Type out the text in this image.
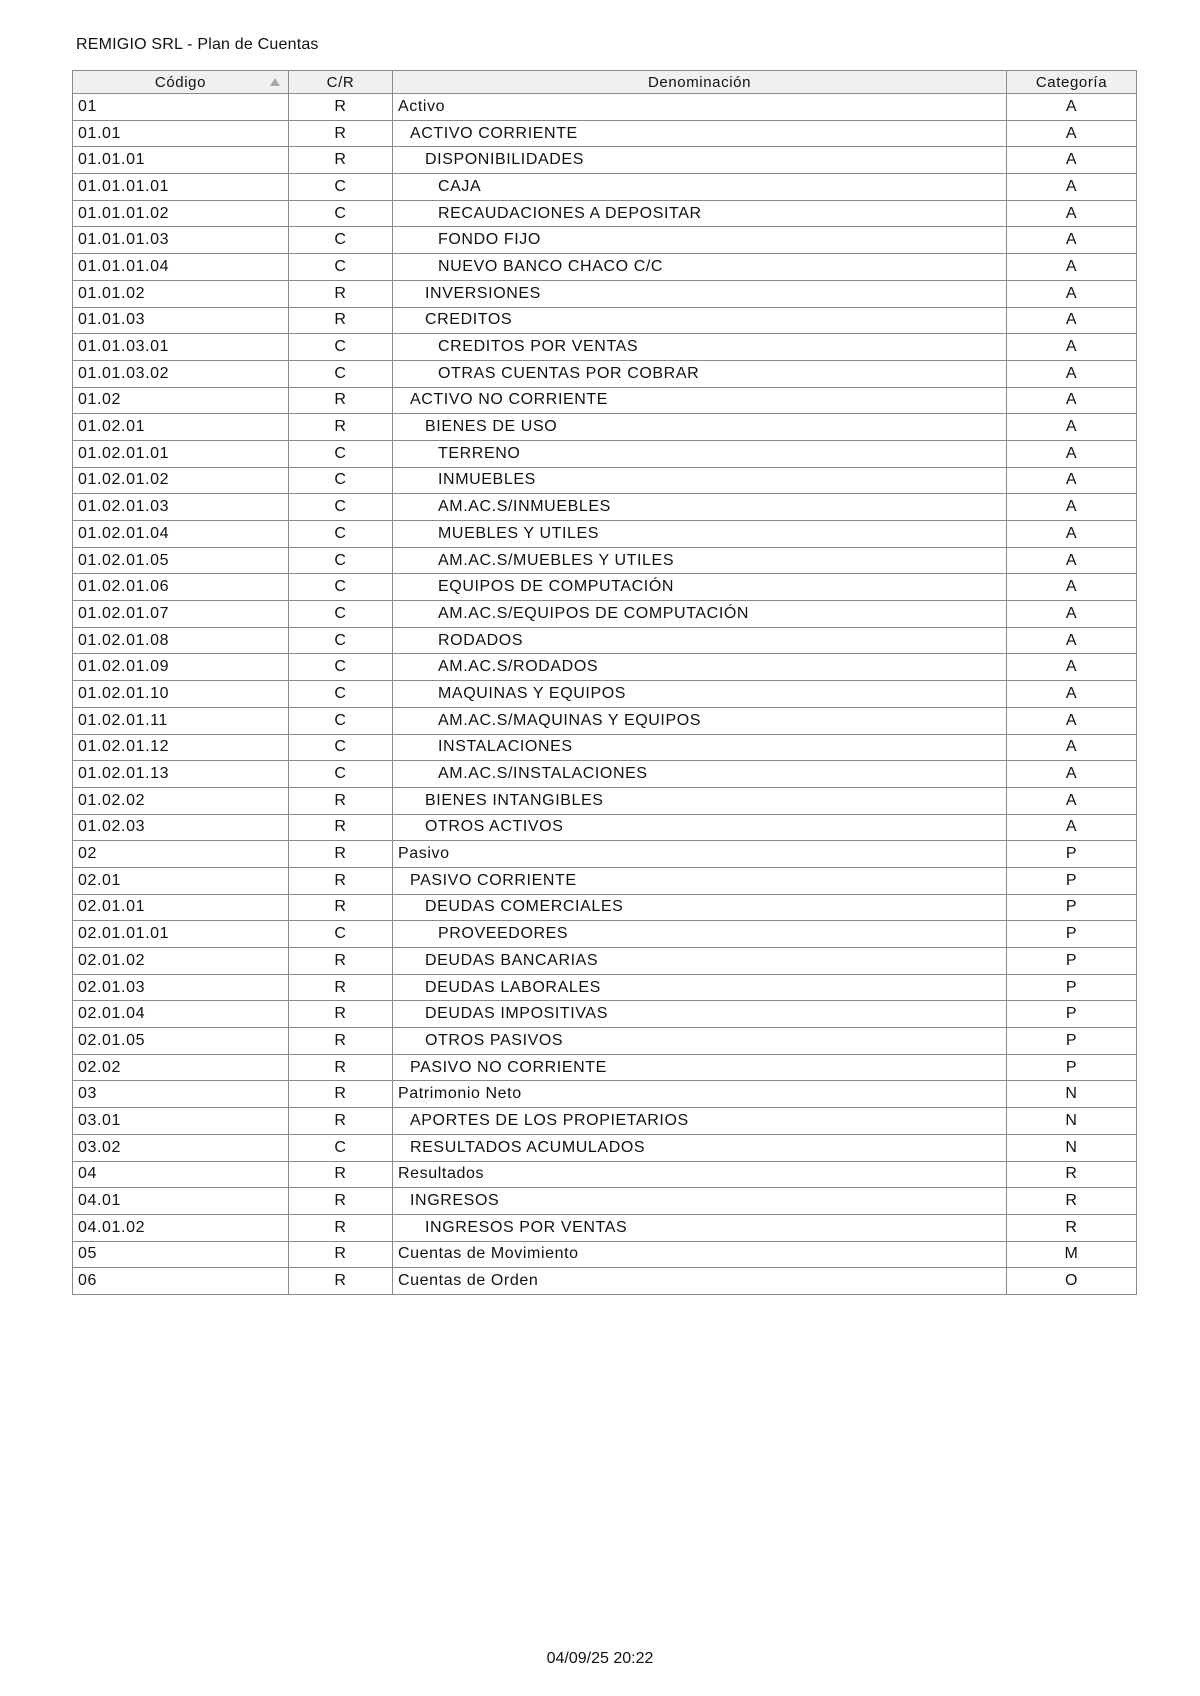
REMIGIO SRL - Plan de Cuentas
Código	C/R	Denominación	Categoría
01	R	Activo	A
01.01	R	ACTIVO CORRIENTE	A
01.01.01	R	DISPONIBILIDADES	A
01.01.01.01	C	CAJA	A
01.01.01.02	C	RECAUDACIONES A DEPOSITAR	A
01.01.01.03	C	FONDO FIJO	A
01.01.01.04	C	NUEVO BANCO CHACO C/C	A
01.01.02	R	INVERSIONES	A
01.01.03	R	CREDITOS	A
01.01.03.01	C	CREDITOS POR VENTAS	A
01.01.03.02	C	OTRAS CUENTAS POR COBRAR	A
01.02	R	ACTIVO NO CORRIENTE	A
01.02.01	R	BIENES DE USO	A
01.02.01.01	C	TERRENO	A
01.02.01.02	C	INMUEBLES	A
01.02.01.03	C	AM.AC.S/INMUEBLES	A
01.02.01.04	C	MUEBLES Y UTILES	A
01.02.01.05	C	AM.AC.S/MUEBLES Y UTILES	A
01.02.01.06	C	EQUIPOS DE COMPUTACIÓN	A
01.02.01.07	C	AM.AC.S/EQUIPOS DE COMPUTACIÓN	A
01.02.01.08	C	RODADOS	A
01.02.01.09	C	AM.AC.S/RODADOS	A
01.02.01.10	C	MAQUINAS Y EQUIPOS	A
01.02.01.11	C	AM.AC.S/MAQUINAS Y EQUIPOS	A
01.02.01.12	C	INSTALACIONES	A
01.02.01.13	C	AM.AC.S/INSTALACIONES	A
01.02.02	R	BIENES INTANGIBLES	A
01.02.03	R	OTROS ACTIVOS	A
02	R	Pasivo	P
02.01	R	PASIVO CORRIENTE	P
02.01.01	R	DEUDAS COMERCIALES	P
02.01.01.01	C	PROVEEDORES	P
02.01.02	R	DEUDAS BANCARIAS	P
02.01.03	R	DEUDAS LABORALES	P
02.01.04	R	DEUDAS IMPOSITIVAS	P
02.01.05	R	OTROS PASIVOS	P
02.02	R	PASIVO NO CORRIENTE	P
03	R	Patrimonio Neto	N
03.01	R	APORTES DE LOS PROPIETARIOS	N
03.02	C	RESULTADOS ACUMULADOS	N
04	R	Resultados	R
04.01	R	INGRESOS	R
04.01.02	R	INGRESOS POR VENTAS	R
05	R	Cuentas de Movimiento	M
06	R	Cuentas de Orden	O
04/09/25 20:22
